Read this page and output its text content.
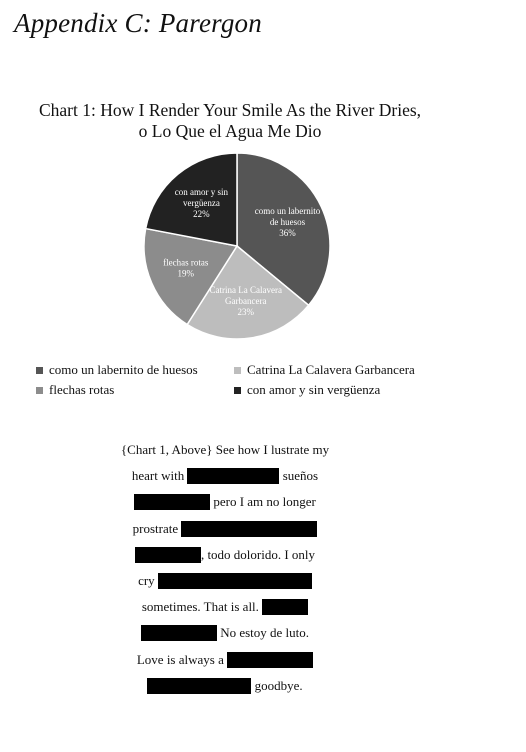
Appendix C: Parergon
Chart 1: How I Render Your Smile As the River Dries,
o Lo Que el Agua Me Dio
como un labernito de huesos 36%
Catrina La Calavera Garbancera 23%
flechas rotas 19%
con amor y sin vergüenza 22%
como un labernito de huesos	Catrina La Calavera Garbancera
flechas rotas	con amor y sin vergüenza
{Chart 1, Above} See how I lustrate my
heart with	sueños
pero I am no longer
prostrate
, todo dolorido. I only
cry
sometimes. That is all.
No estoy de luto.
Love is always a
goodbye.
